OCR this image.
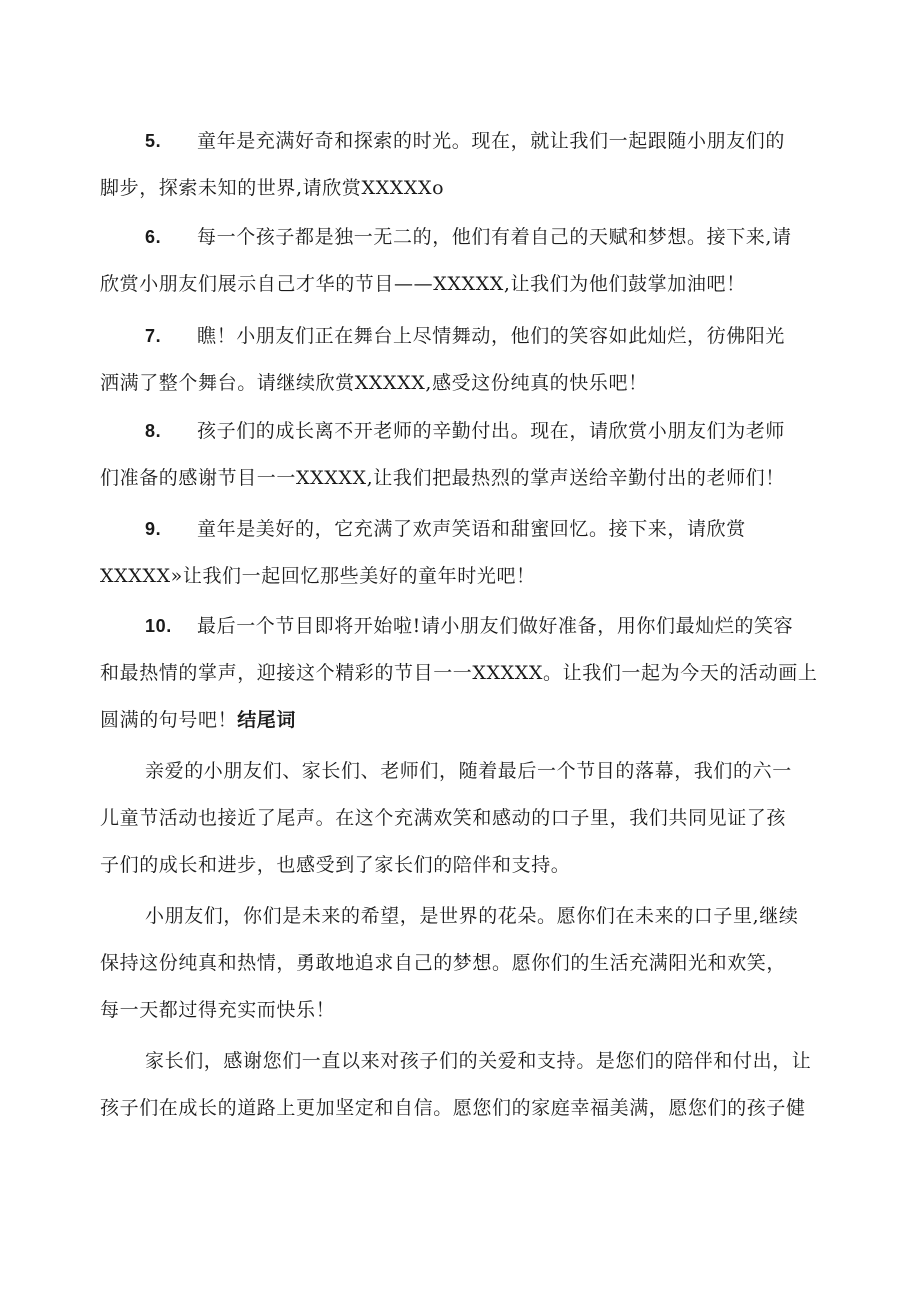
5. 童年是充满好奇和探索的时光。现在，就让我们一起跟随小朋友们的
脚步，探索未知的世界,请欣赏XXXXXo
6. 每一个孩子都是独一无二的，他们有着自己的天赋和梦想。接下来,请
欣赏小朋友们展示自己才华的节目——XXXXX,让我们为他们鼓掌加油吧！
7. 瞧！小朋友们正在舞台上尽情舞动，他们的笑容如此灿烂，彷佛阳光
洒满了整个舞台。请继续欣赏XXXXX,感受这份纯真的快乐吧！
8. 孩子们的成长离不开老师的辛勤付出。现在，请欣赏小朋友们为老师
们准备的感谢节目一一XXXXX,让我们把最热烈的掌声送给辛勤付出的老师们！
9. 童年是美好的，它充满了欢声笑语和甜蜜回忆。接下来，请欣赏
XXXXX»让我们一起回忆那些美好的童年时光吧！
10. 最后一个节目即将开始啦!请小朋友们做好准备，用你们最灿烂的笑容
和最热情的掌声，迎接这个精彩的节目一一XXXXX。让我们一起为今天的活动画上
圆满的句号吧！结尾词
亲爱的小朋友们、家长们、老师们，随着最后一个节目的落幕，我们的六一
儿童节活动也接近了尾声。在这个充满欢笑和感动的口子里，我们共同见证了孩
子们的成长和进步，也感受到了家长们的陪伴和支持。
小朋友们，你们是未来的希望，是世界的花朵。愿你们在未来的口子里,继续
保持这份纯真和热情，勇敢地追求自己的梦想。愿你们的生活充满阳光和欢笑，
每一天都过得充实而快乐！
家长们，感谢您们一直以来对孩子们的关爱和支持。是您们的陪伴和付出，让
孩子们在成长的道路上更加坚定和自信。愿您们的家庭幸福美满，愿您们的孩子健
